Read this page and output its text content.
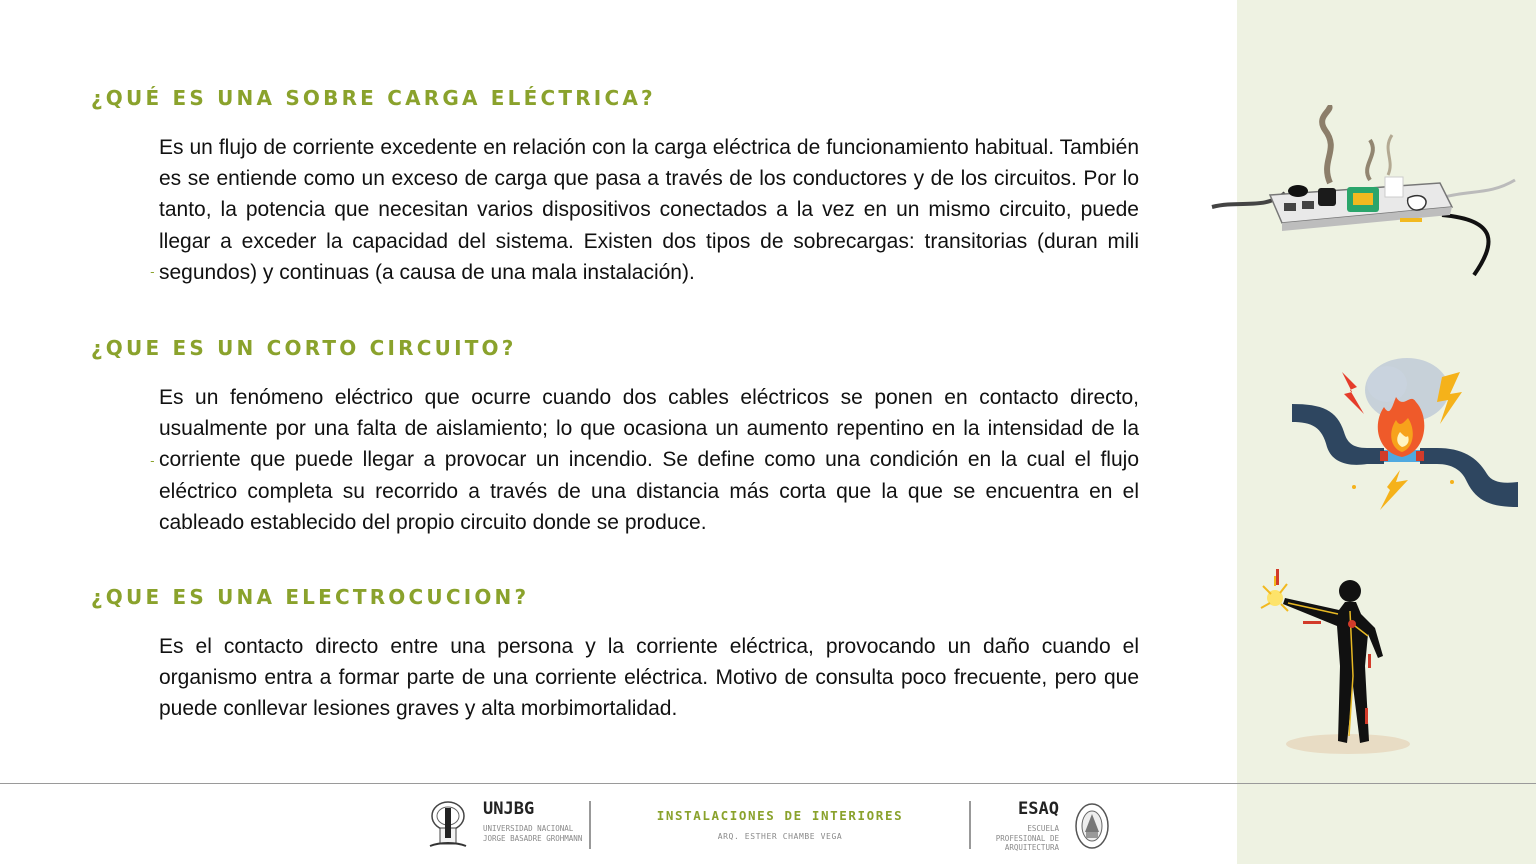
¿QUÉ ES UNA SOBRE CARGA ELÉCTRICA?
-

Es un flujo de corriente excedente en relación con la carga eléctrica de funcionamiento habitual. También es se entiende como un exceso de carga que pasa a través de los conductores y de los circuitos. Por lo tanto, la potencia que necesitan varios dispositivos conectados a la vez en un mismo circuito, puede llegar a exceder la capacidad del sistema. Existen dos tipos de sobrecargas: transitorias (duran mili segundos) y continuas (a causa de una mala instalación).

¿QUE ES UN CORTO CIRCUITO?
-

Es un fenómeno eléctrico que ocurre cuando dos cables eléctricos se ponen en contacto directo, usualmente por una falta de aislamiento; lo que ocasiona un aumento repentino en la intensidad de la corriente que puede llegar a provocar un incendio. Se define como una condición en la cual el flujo eléctrico completa su recorrido a través de una distancia más corta que la que se encuentra en el cableado establecido del propio circuito donde se produce.

¿QUE ES UNA ELECTROCUCION?

Es el contacto directo entre una persona y la corriente eléctrica, provocando un daño cuando el organismo entra a formar parte de una corriente eléctrica. Motivo de consulta poco frecuente, pero que puede conllevar lesiones graves y alta morbimortalidad.

UNJBG
UNIVERSIDAD NACIONAL JORGE BASADRE GROHMANN
INSTALACIONES DE INTERIORES
ARQ. ESTHER CHAMBE VEGA
ESAQ
ESCUELA PROFESIONAL DE ARQUITECTURA
